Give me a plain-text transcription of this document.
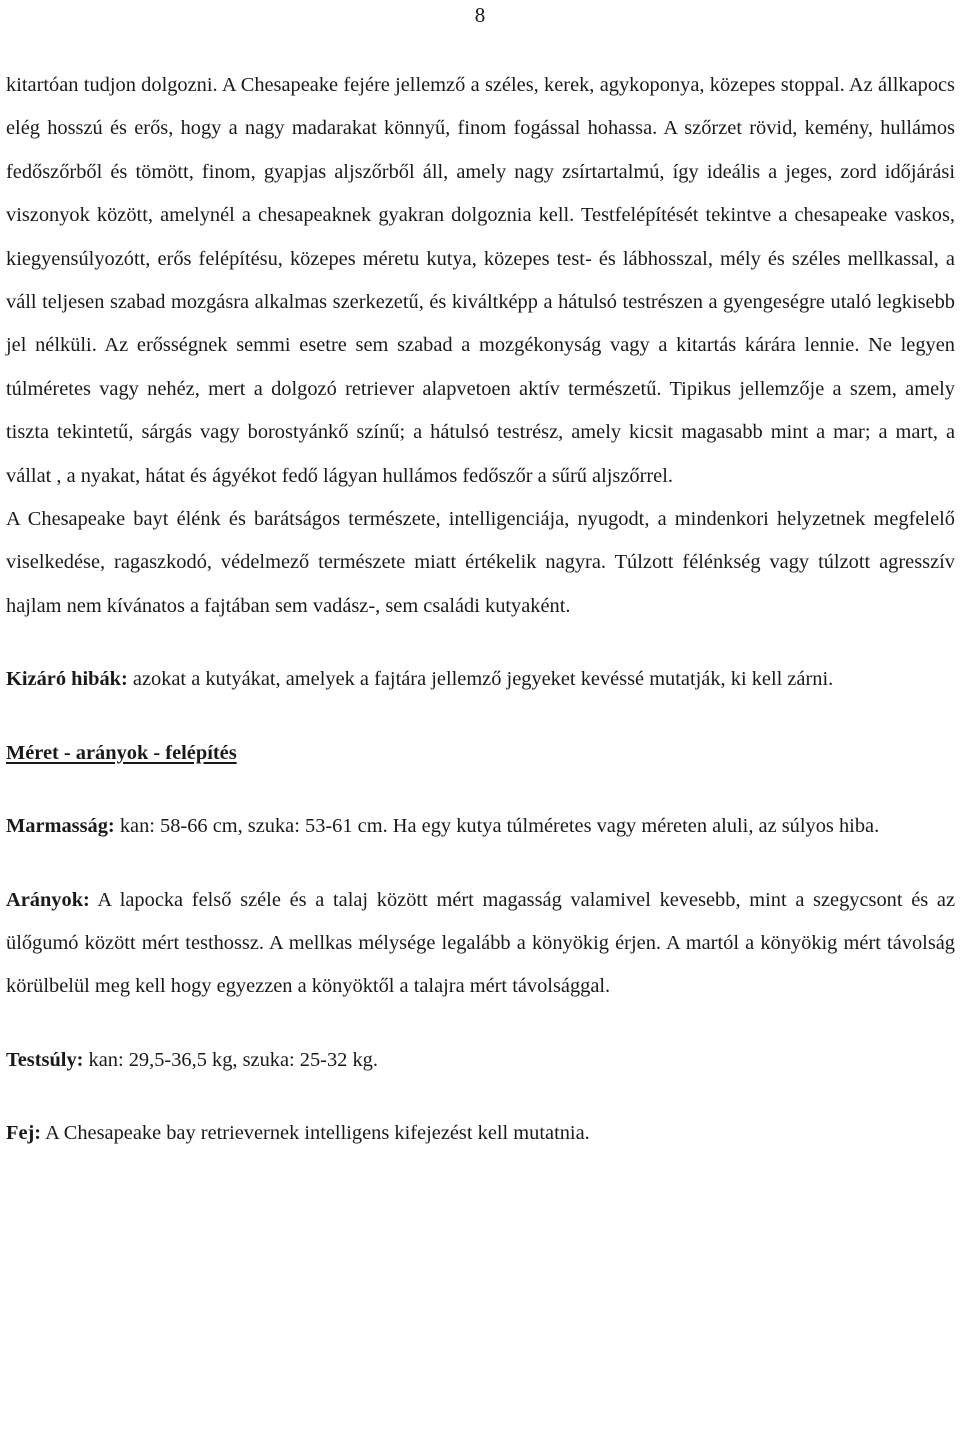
8

kitartóan tudjon dolgozni. A Chesapeake fejére jellemző a széles, kerek, agykoponya, közepes stoppal. Az állkapocs elég hosszú és erős, hogy a nagy madarakat könnyű, finom fogással hohassa. A szőrzet rövid, kemény, hullámos fedőszőrből és tömött, finom, gyapjas aljszőrből áll, amely nagy zsírtartalmú, így ideális a jeges, zord időjárási viszonyok között, amelynél a chesapeaknek gyakran dolgoznia kell. Testfelépítését tekintve a chesapeake vaskos, kiegyensúlyozótt, erős felépítésu, közepes méretu kutya, közepes test- és lábhosszal, mély és széles mellkassal, a váll teljesen szabad mozgásra alkalmas szerkezetű, és kiváltképp a hátulsó testrészen a gyengeségre utaló legkisebb jel nélküli. Az erősségnek semmi esetre sem szabad a mozgékonyság vagy a kitartás kárára lennie. Ne legyen túlméretes vagy nehéz, mert a dolgozó retriever alapvetoen aktív természetű. Tipikus jellemzője a szem, amely tiszta tekintetű, sárgás vagy borostyánkő színű; a hátulsó testrész, amely kicsit magasabb mint a mar; a mart, a vállat , a nyakat, hátat és ágyékot fedő lágyan hullámos fedőszőr a sűrű aljszőrrel.

A Chesapeake bayt élénk és barátságos természete, intelligenciája, nyugodt, a mindenkori helyzetnek megfelelő viselkedése, ragaszkodó, védelmező természete miatt értékelik nagyra. Túlzott félénkség vagy túlzott agresszív hajlam nem kívánatos a fajtában sem vadász-, sem családi kutyaként.

Kizáró hibák: azokat a kutyákat, amelyek a fajtára jellemző jegyeket kevéssé mutatják, ki kell zárni.

Méret - arányok - felépítés

Marmasság: kan: 58-66 cm, szuka: 53-61 cm. Ha egy kutya túlméretes vagy méreten aluli, az súlyos hiba.

Arányok: A lapocka felső széle és a talaj között mért magasság valamivel kevesebb, mint a szegycsont és az ülőgumó között mért testhossz. A mellkas mélysége legalább a könyökig érjen. A martól a könyökig mért távolság körülbelül meg kell hogy egyezzen a könyöktől a talajra mért távolsággal.

Testsúly: kan: 29,5-36,5 kg, szuka: 25-32 kg.

Fej: A Chesapeake bay retrievernek intelligens kifejezést kell mutatnia.
